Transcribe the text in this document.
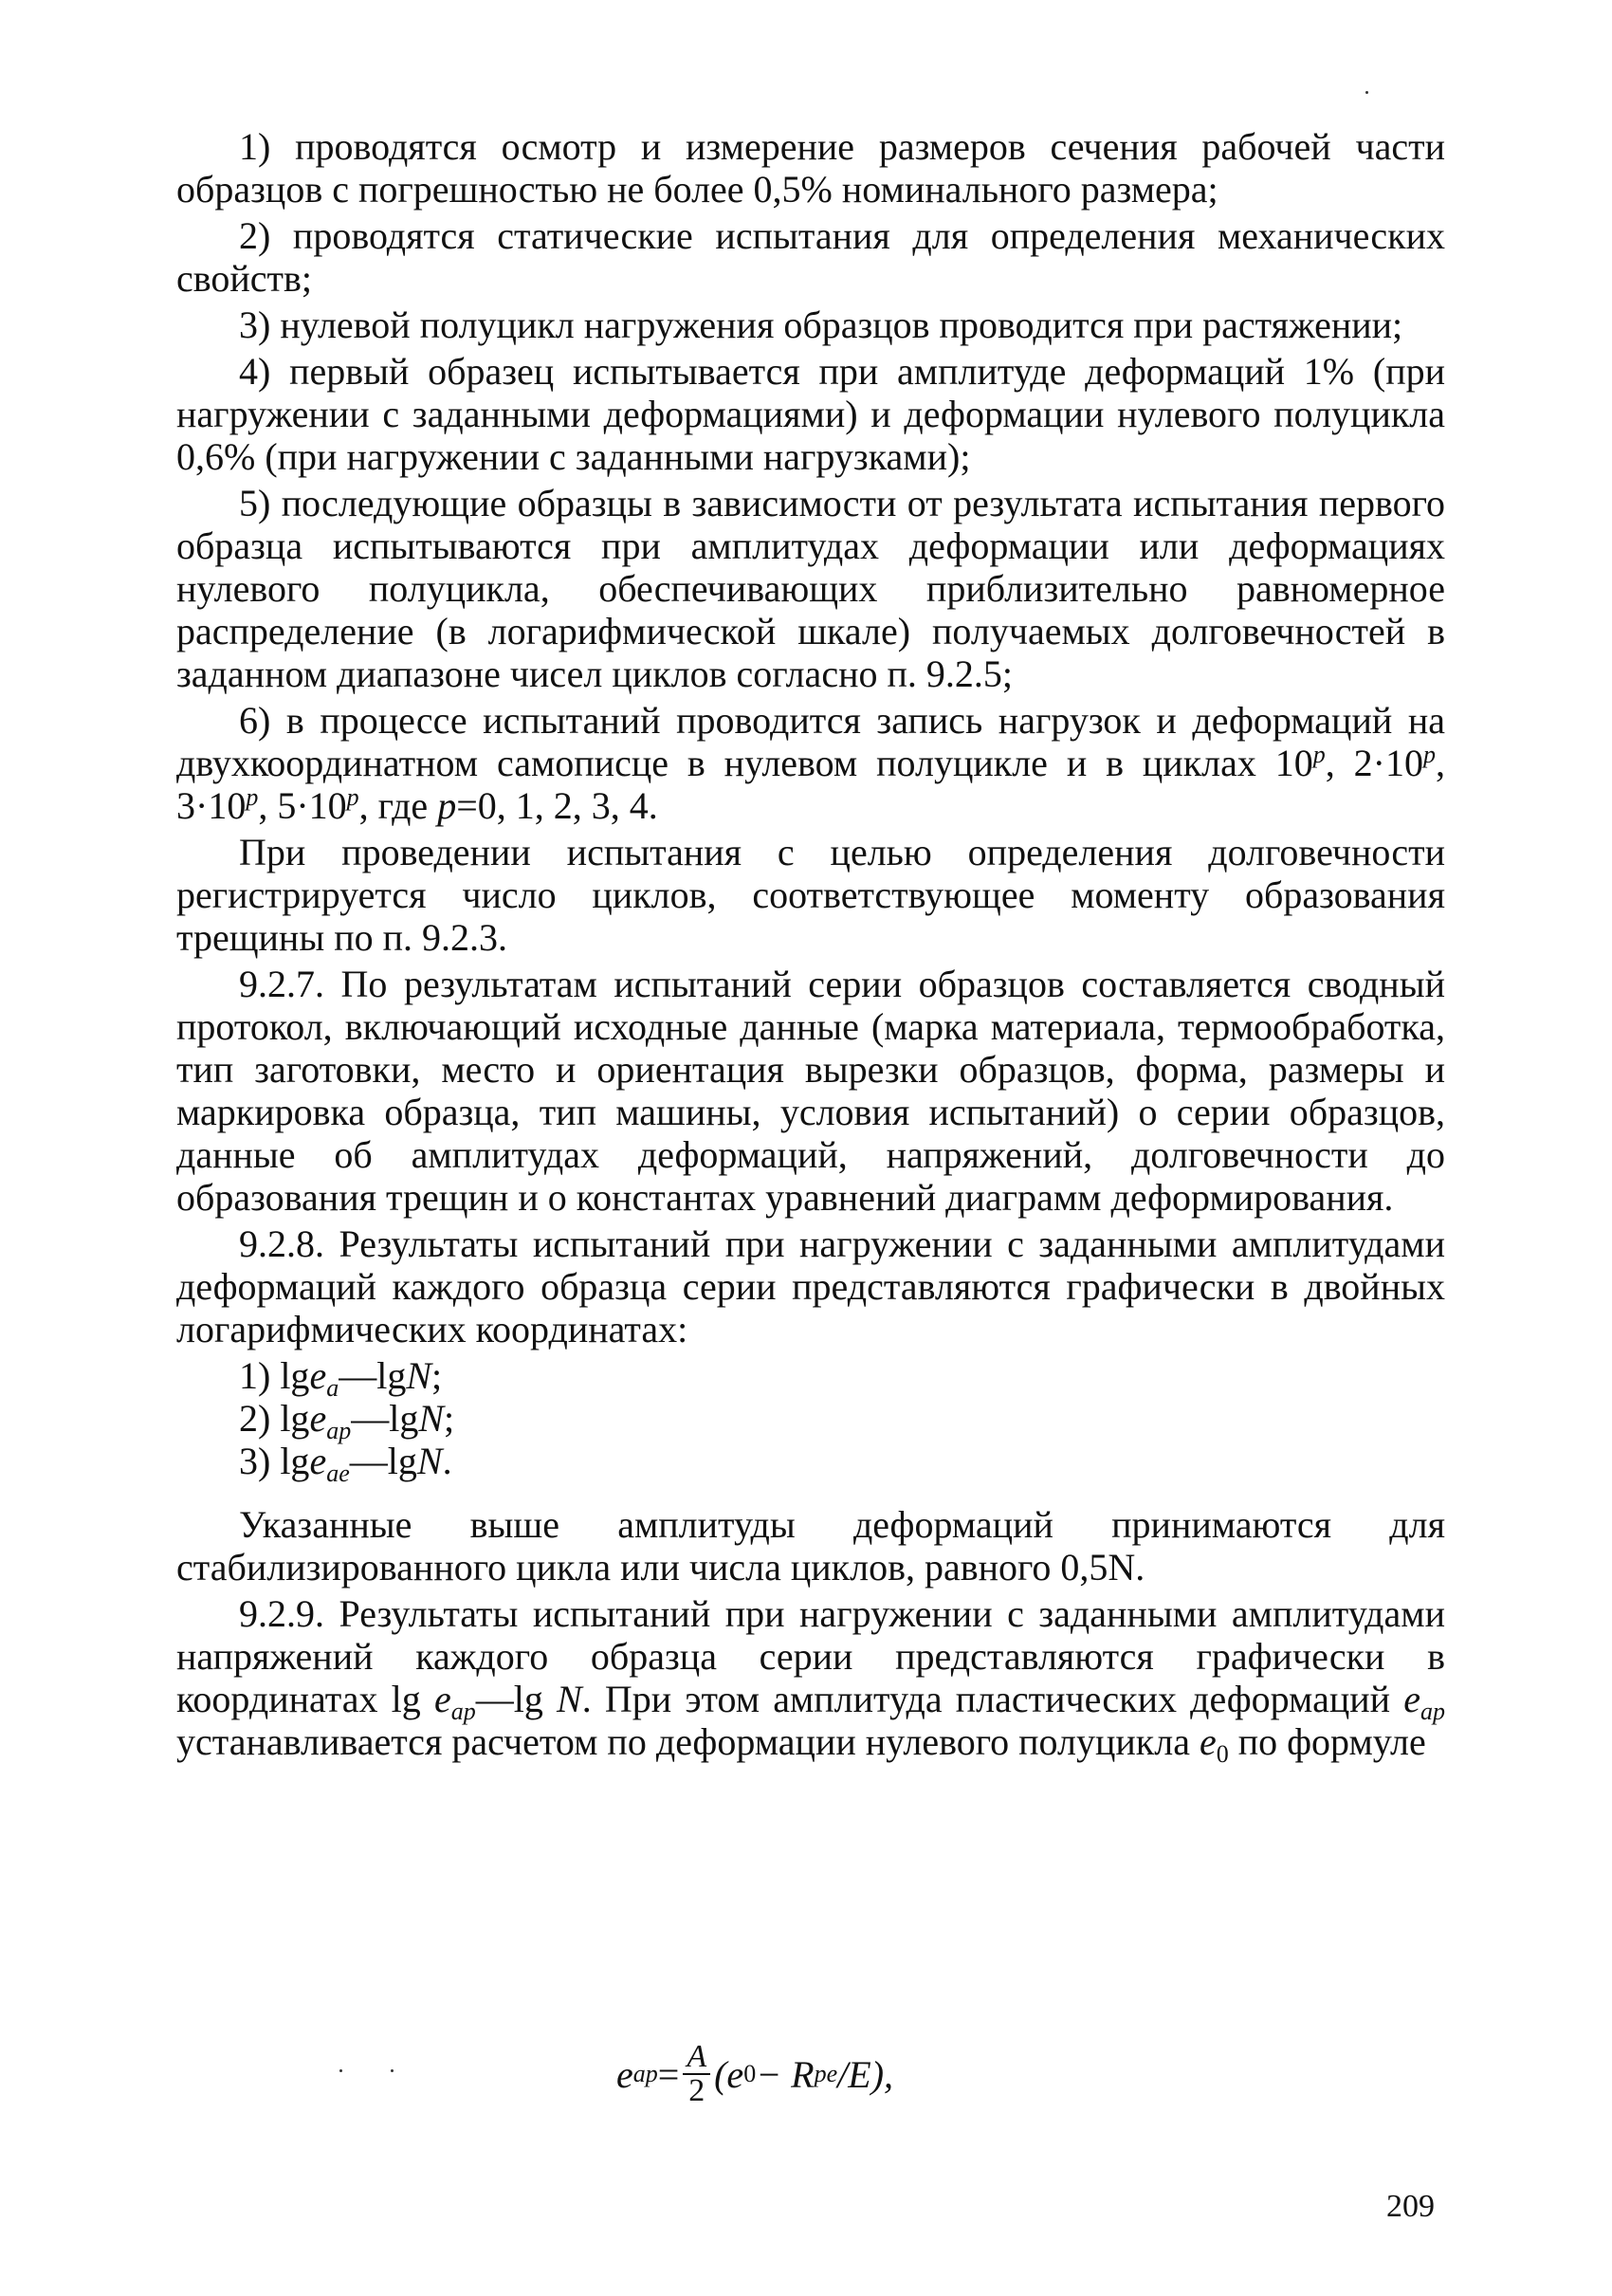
1) проводятся осмотр и измерение размеров сечения рабочей части образцов с погрешностью не более 0,5% номинального размера;

2) проводятся статические испытания для определения механических свойств;

3) нулевой полуцикл нагружения образцов проводится при растяжении;

4) первый образец испытывается при амплитуде деформаций 1% (при нагружении с заданными деформациями) и деформации нулевого полуцикла 0,6% (при нагружении с заданными нагрузками);

5) последующие образцы в зависимости от результата испытания первого образца испытываются при амплитудах деформации или деформациях нулевого полуцикла, обеспечивающих приблизительно равномерное распределение (в логарифмической шкале) получаемых долговечностей в заданном диапазоне чисел циклов согласно п. 9.2.5;

6) в процессе испытаний проводится запись нагрузок и деформаций на двухкоординатном самописце в нулевом полуцикле и в циклах 10$^p$, $2\cdot 10^p$, $3\cdot 10^p$, $5\cdot 10^p$, где p=0, 1, 2, 3, 4.

При проведении испытания с целью определения долговечности регистрируется число циклов, соответствующее моменту образования трещины по п. 9.2.3.

9.2.7. По результатам испытаний серии образцов составляется сводный протокол, включающий исходные данные (марка материала, термообработка, тип заготовки, место и ориентация вырезки образцов, форма, размеры и маркировка образца, тип машины, условия испытаний) о серии образцов, данные об амплитудах деформаций, напряжений, долговечности до образования трещин и о константах уравнений диаграмм деформирования.

9.2.8. Результаты испытаний при нагружении с заданными амплитудами деформаций каждого образца серии представляются графически в двойных логарифмических координатах:

1) lge$_a$—lgN;

2) lge$_{ap}$—lgN;

3) lge$_{ae}$—lgN.

Указанные выше амплитуды деформаций принимаются для стабилизированного цикла или числа циклов, равного 0,5N.

9.2.9. Результаты испытаний при нагружении с заданными амплитудами напряжений каждого образца серии представляются графически в координатах $\lg e_{ap}—\lg$ N. При этом амплитуда пластических деформаций $e_{ap}$ устанавливается расчетом по деформации нулевого полуцикла $e_0$ по формуле

e ap = $\frac{A}{2} (e$ 0 − R pe /E),
209
